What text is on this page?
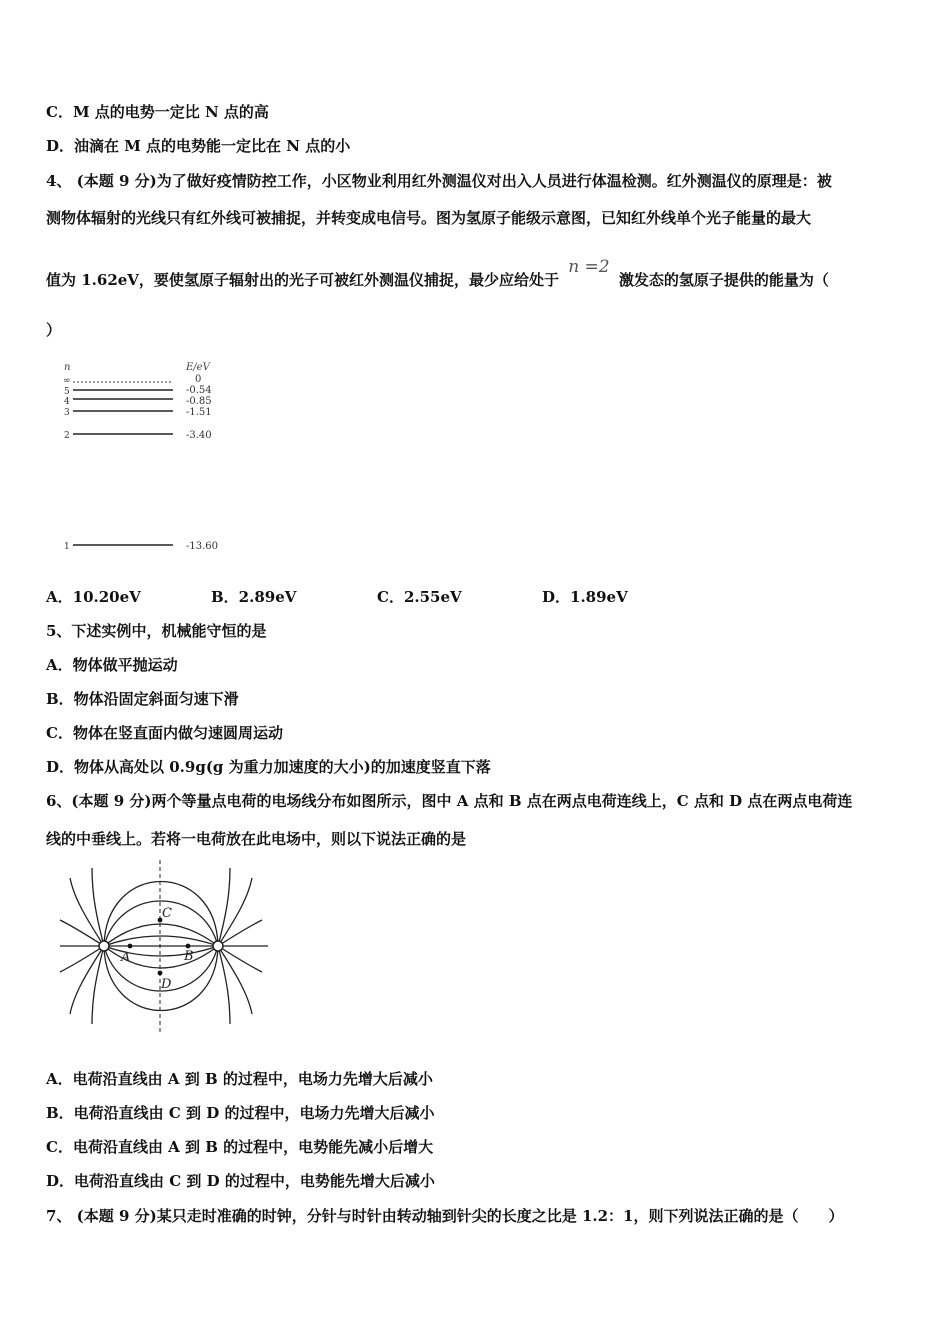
C．M 点的电势一定比 N 点的高
D．油滴在 M 点的电势能一定比在 N 点的小
4、 (本题 9 分)为了做好疫情防控工作，小区物业利用红外测温仪对出入人员进行体温检测。红外测温仪的原理是：被
测物体辐射的光线只有红外线可被捕捉，并转变成电信号。图为氢原子能级示意图，已知红外线单个光子能量的最大
值为 1.62eV，要使氢原子辐射出的光子可被红外测温仪捕捉，最少应给处于 n =2 激发态的氢原子提供的能量为（
）
n	E/eV
∞	0
5	-0.54
4	-0.85
3	-1.51
2	-3.40
1	-13.60
A．10.20eV	B．2.89eV	C．2.55eV	D．1.89eV
5、下述实例中，机械能守恒的是
A．物体做平抛运动
B．物体沿固定斜面匀速下滑
C．物体在竖直面内做匀速圆周运动
D．物体从高处以 0.9g(g 为重力加速度的大小)的加速度竖直下落
6、(本题 9 分)两个等量点电荷的电场线分布如图所示，图中 A 点和 B 点在两点电荷连线上，C 点和 D 点在两点电荷连
线的中垂线上。若将一电荷放在此电场中，则以下说法正确的是
A	B
C
D
A．电荷沿直线由 A 到 B 的过程中，电场力先增大后减小
B．电荷沿直线由 C 到 D 的过程中，电场力先增大后减小
C．电荷沿直线由 A 到 B 的过程中，电势能先减小后增大
D．电荷沿直线由 C 到 D 的过程中，电势能先增大后减小
7、 (本题 9 分)某只走时准确的时钟，分针与时针由转动轴到针尖的长度之比是 1.2：1，则下列说法正确的是（　　）
